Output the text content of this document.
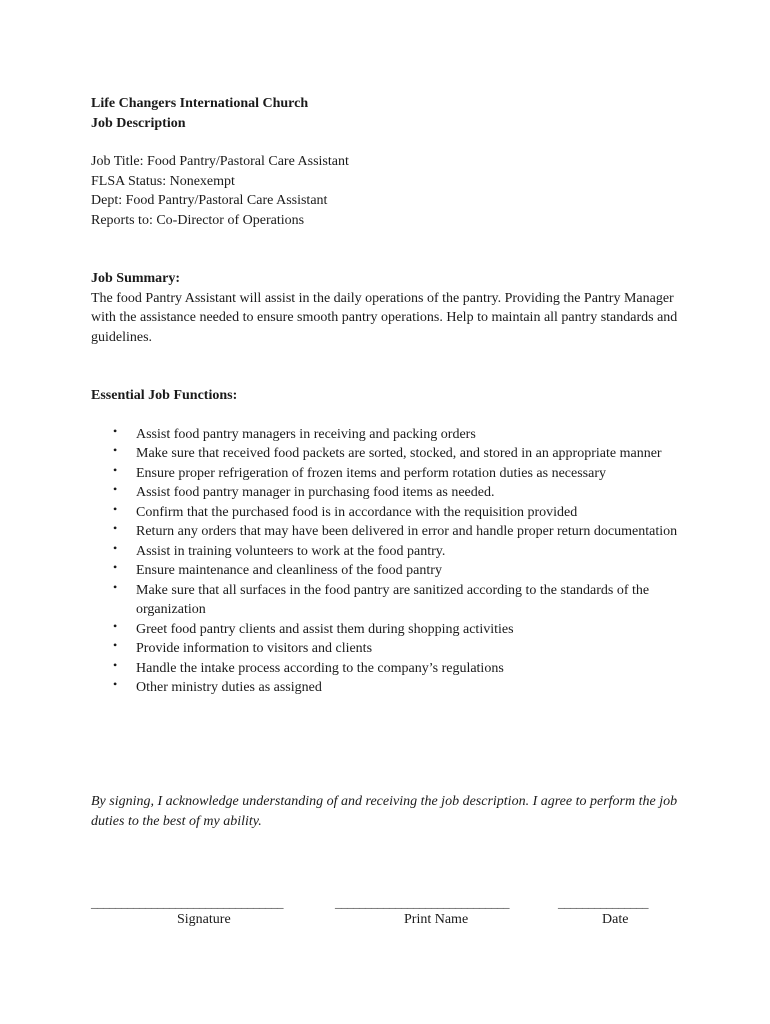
Life Changers International Church
Job Description
Job Title: Food Pantry/Pastoral Care Assistant
FLSA Status: Nonexempt
Dept: Food Pantry/Pastoral Care Assistant
Reports to: Co-Director of Operations
Job Summary:

The food Pantry Assistant will assist in the daily operations of the pantry. Providing the Pantry Manager with the assistance needed to ensure smooth pantry operations. Help to maintain all pantry standards and guidelines.

Essential Job Functions:
• Assist food pantry managers in receiving and packing orders
• Make sure that received food packets are sorted, stocked, and stored in an appropriate manner
• Ensure proper refrigeration of frozen items and perform rotation duties as necessary
• Assist food pantry manager in purchasing food items as needed.
• Confirm that the purchased food is in accordance with the requisition provided
• Return any orders that may have been delivered in error and handle proper return documentation
• Assist in training volunteers to work at the food pantry.
• Ensure maintenance and cleanliness of the food pantry
• Make sure that all surfaces in the food pantry are sanitized according to the standards of the organization
• Greet food pantry clients and assist them during shopping activities
• Provide information to visitors and clients
• Handle the intake process according to the company’s regulations
• Other ministry duties as assigned
By signing, I acknowledge understanding of and receiving the job description. I agree to perform the job duties to the best of my ability.
________________________________	_____________________________	_______________
Signature	Print Name	Date
